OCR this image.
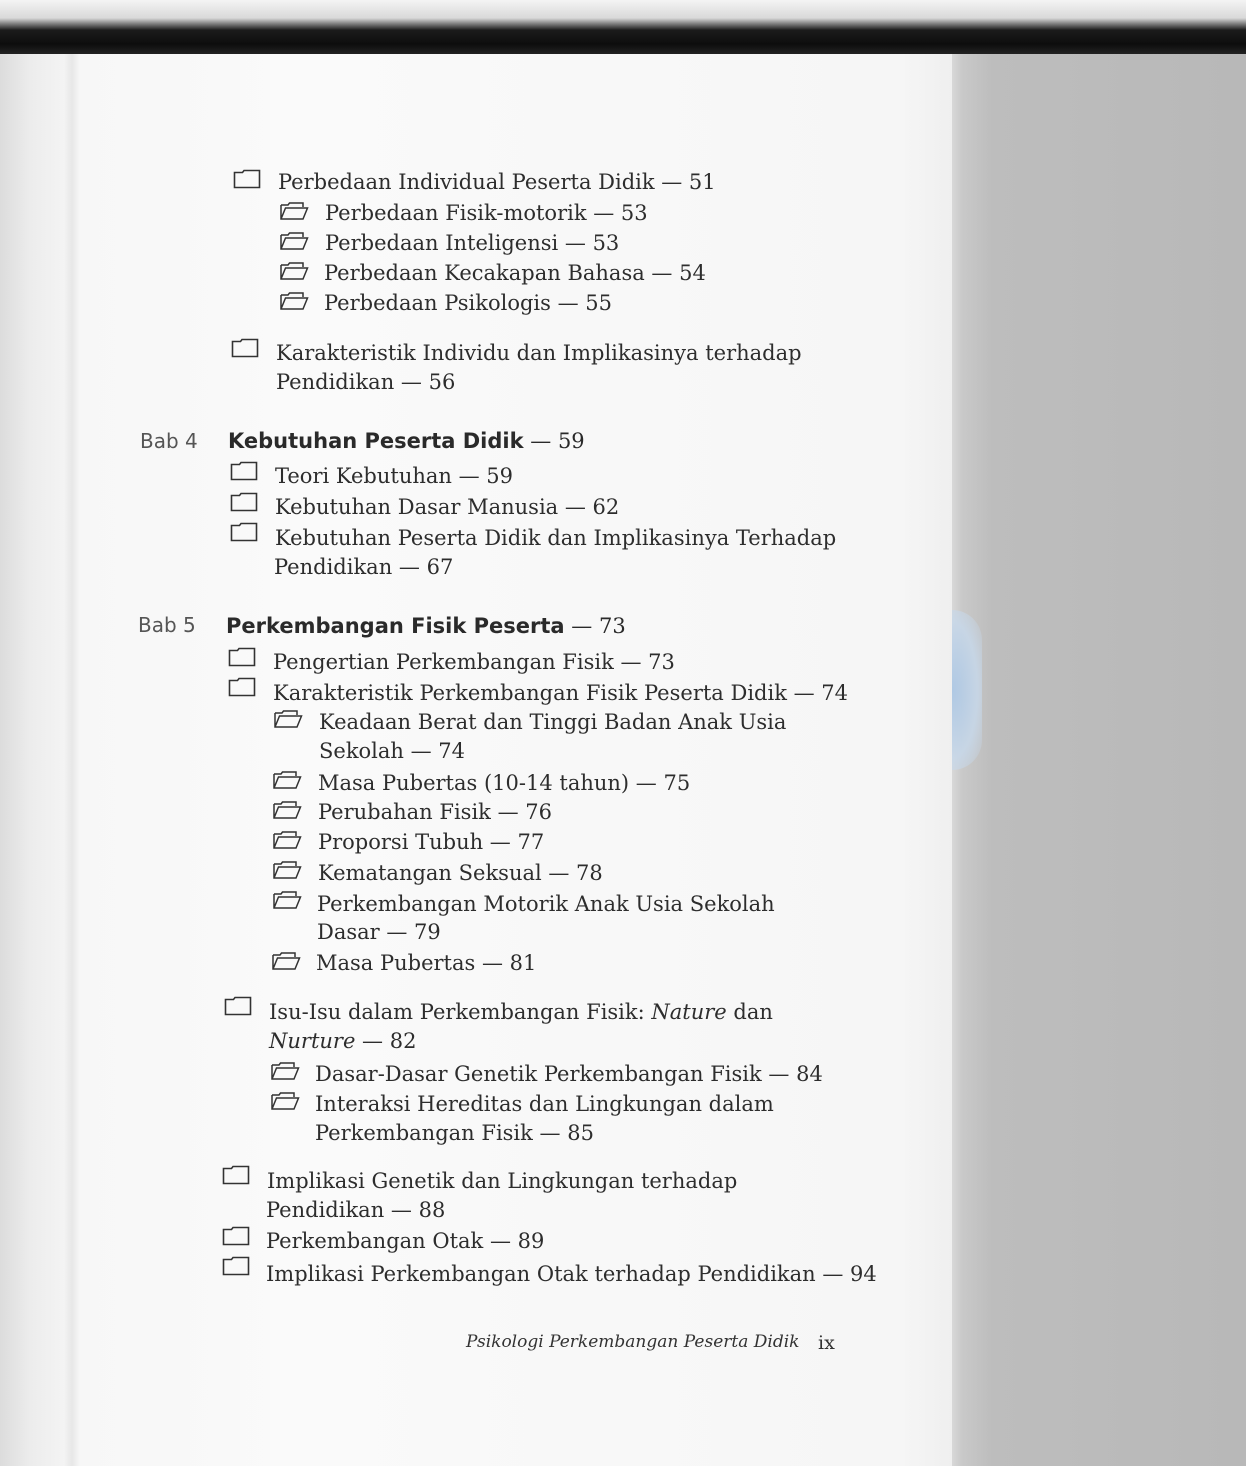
Perbedaan Individual Peserta Didik — 51
Perbedaan Fisik-motorik — 53
Perbedaan Inteligensi — 53
Perbedaan Kecakapan Bahasa — 54
Perbedaan Psikologis — 55
Karakteristik Individu dan Implikasinya terhadap
Pendidikan — 56
Bab 4 Kebutuhan Peserta Didik — 59
Teori Kebutuhan — 59
Kebutuhan Dasar Manusia — 62
Kebutuhan Peserta Didik dan Implikasinya Terhadap
Pendidikan — 67
Bab 5 Perkembangan Fisik Peserta — 73
Pengertian Perkembangan Fisik — 73
Karakteristik Perkembangan Fisik Peserta Didik — 74
Keadaan Berat dan Tinggi Badan Anak Usia
Sekolah — 74
Masa Pubertas (10-14 tahun) — 75
Perubahan Fisik — 76
Proporsi Tubuh — 77
Kematangan Seksual — 78
Perkembangan Motorik Anak Usia Sekolah
Dasar — 79
Masa Pubertas — 81
Isu-Isu dalam Perkembangan Fisik: Nature dan
Nurture — 82
Dasar-Dasar Genetik Perkembangan Fisik — 84
Interaksi Hereditas dan Lingkungan dalam
Perkembangan Fisik — 85
Implikasi Genetik dan Lingkungan terhadap
Pendidikan — 88
Perkembangan Otak — 89
Implikasi Perkembangan Otak terhadap Pendidikan — 94
Psikologi Perkembangan Peserta Didik ix
